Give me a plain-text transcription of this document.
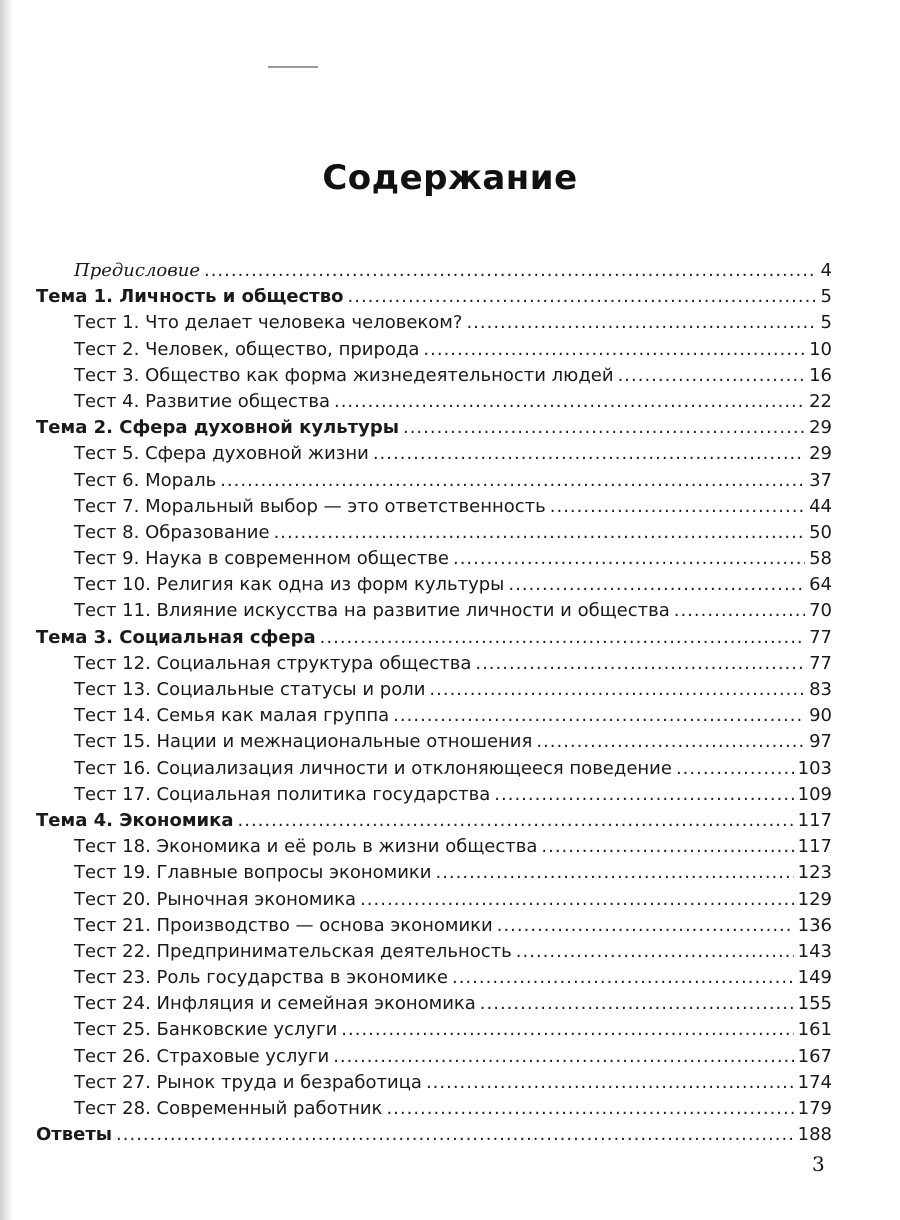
Содержание
Предисловие .....	4
Тема 1. Личность и общество .....	5
Тест 1. Что делает человека человеком? .....	5
Тест 2. Человек, общество, природа .....	10
Тест 3. Общество как форма жизнедеятельности людей .....	16
Тест 4. Развитие общества .....	22
Тема 2. Сфера духовной культуры .....	29
Тест 5. Сфера духовной жизни .....	29
Тест 6. Мораль .....	37
Тест 7. Моральный выбор — это ответственность .....	44
Тест 8. Образование .....	50
Тест 9. Наука в современном обществе .....	58
Тест 10. Религия как одна из форм культуры .....	64
Тест 11. Влияние искусства на развитие личности и общества .....	70
Тема 3. Социальная сфера .....	77
Тест 12. Социальная структура общества .....	77
Тест 13. Социальные статусы и роли .....	83
Тест 14. Семья как малая группа .....	90
Тест 15. Нации и межнациональные отношения .....	97
Тест 16. Социализация личности и отклоняющееся поведение .....	103
Тест 17. Социальная политика государства .....	109
Тема 4. Экономика .....	117
Тест 18. Экономика и её роль в жизни общества .....	117
Тест 19. Главные вопросы экономики .....	123
Тест 20. Рыночная экономика .....	129
Тест 21. Производство — основа экономики .....	136
Тест 22. Предпринимательская деятельность .....	143
Тест 23. Роль государства в экономике .....	149
Тест 24. Инфляция и семейная экономика .....	155
Тест 25. Банковские услуги .....	161
Тест 26. Страховые услуги .....	167
Тест 27. Рынок труда и безработица .....	174
Тест 28. Современный работник .....	179
Ответы .....	188
3
